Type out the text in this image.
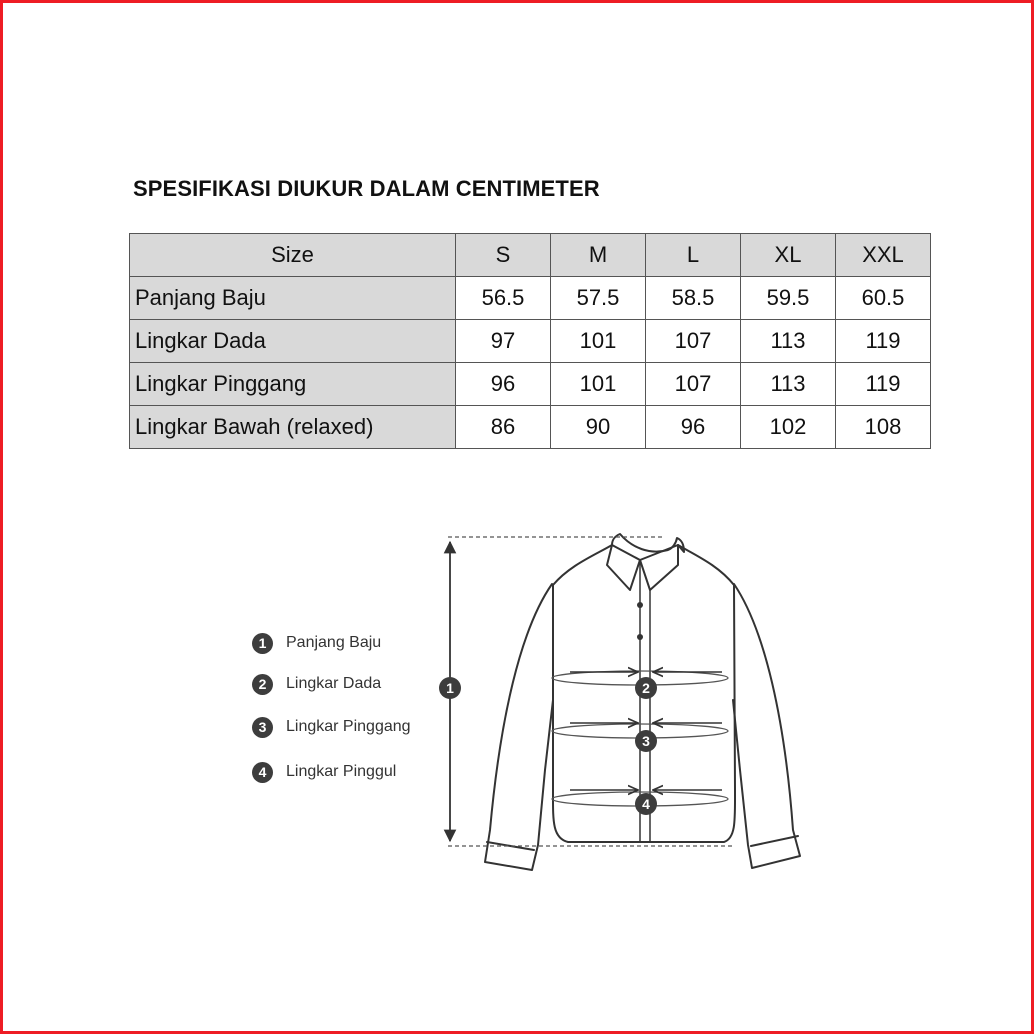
SPESIFIKASI DIUKUR DALAM CENTIMETER
Size	S	M	L	XL	XXL
Panjang Baju	56.5	57.5	58.5	59.5	60.5
Lingkar Dada	97	101	107	113	119
Lingkar Pinggang	96	101	107	113	119
Lingkar Bawah (relaxed)	86	90	96	102	108
1	Panjang Baju
2	Lingkar Dada
3	Lingkar Pinggang
4	Lingkar Pinggul
1	2
3
4
